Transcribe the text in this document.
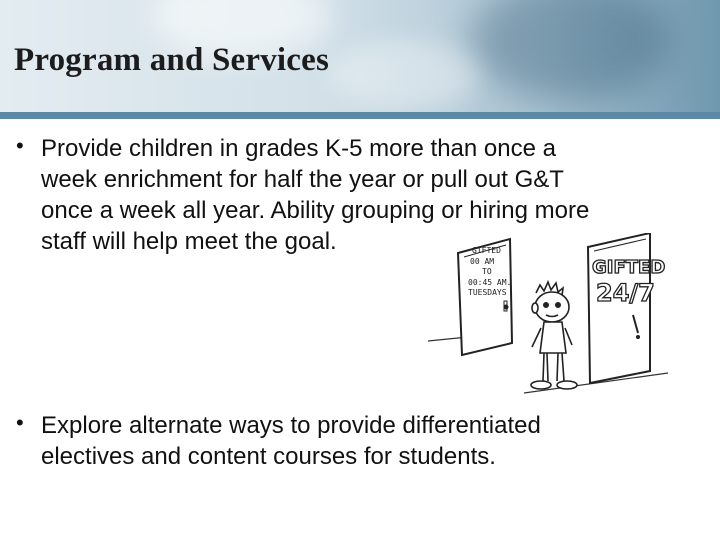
Program and Services
• Provide children in grades K-5 more than once a
week enrichment for half the year or pull out G&T
once a week all year. Ability grouping or hiring more
staff will help meet the goal.
• Explore alternate ways to provide differentiated
electives and content courses for students.
GIFTED
00 AM
TO
00:45 AM.
TUESDAYS
GIFTED
24/7
